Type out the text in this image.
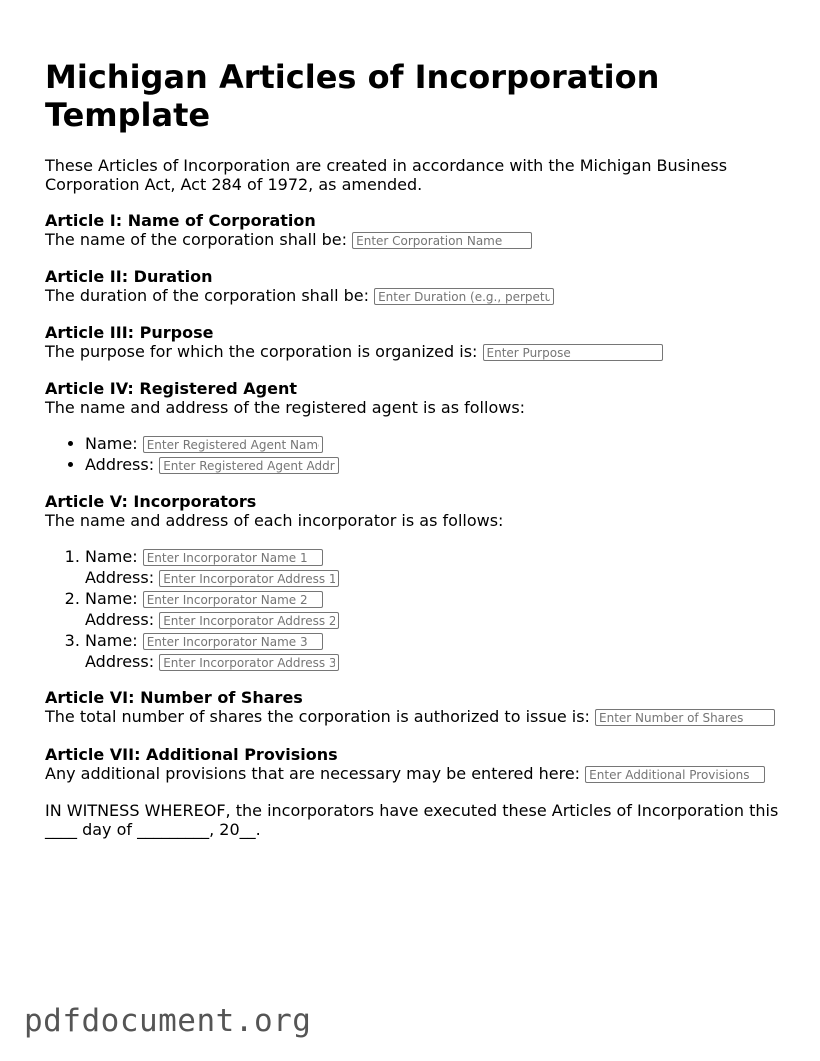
Michigan Articles of Incorporation Template

These Articles of Incorporation are created in accordance with the Michigan Business Corporation Act, Act 284 of 1972, as amended.

Article I: Name of Corporation

The name of the corporation shall be: Enter Corporation Name

Article II: Duration

The duration of the corporation shall be: Enter Duration (e.g., perpetual)

Article III: Purpose

The purpose for which the corporation is organized is: Enter Purpose

Article IV: Registered Agent

The name and address of the registered agent is as follows:

• Name: Enter Registered Agent Name
• Address: Enter Registered Agent Address
Article V: Incorporators

The name and address of each incorporator is as follows:

1. Name: Enter Incorporator Name 1
Address: Enter Incorporator Address 1
2. Name: Enter Incorporator Name 2
Address: Enter Incorporator Address 2
3. Name: Enter Incorporator Name 3
Address: Enter Incorporator Address 3
Article VI: Number of Shares

The total number of shares the corporation is authorized to issue is: Enter Number of Shares

Article VII: Additional Provisions

Any additional provisions that are necessary may be entered here: Enter Additional Provisions

IN WITNESS WHEREOF, the incorporators have executed these Articles of Incorporation this ____ day of _________, 20__.

pdfdocument.org
